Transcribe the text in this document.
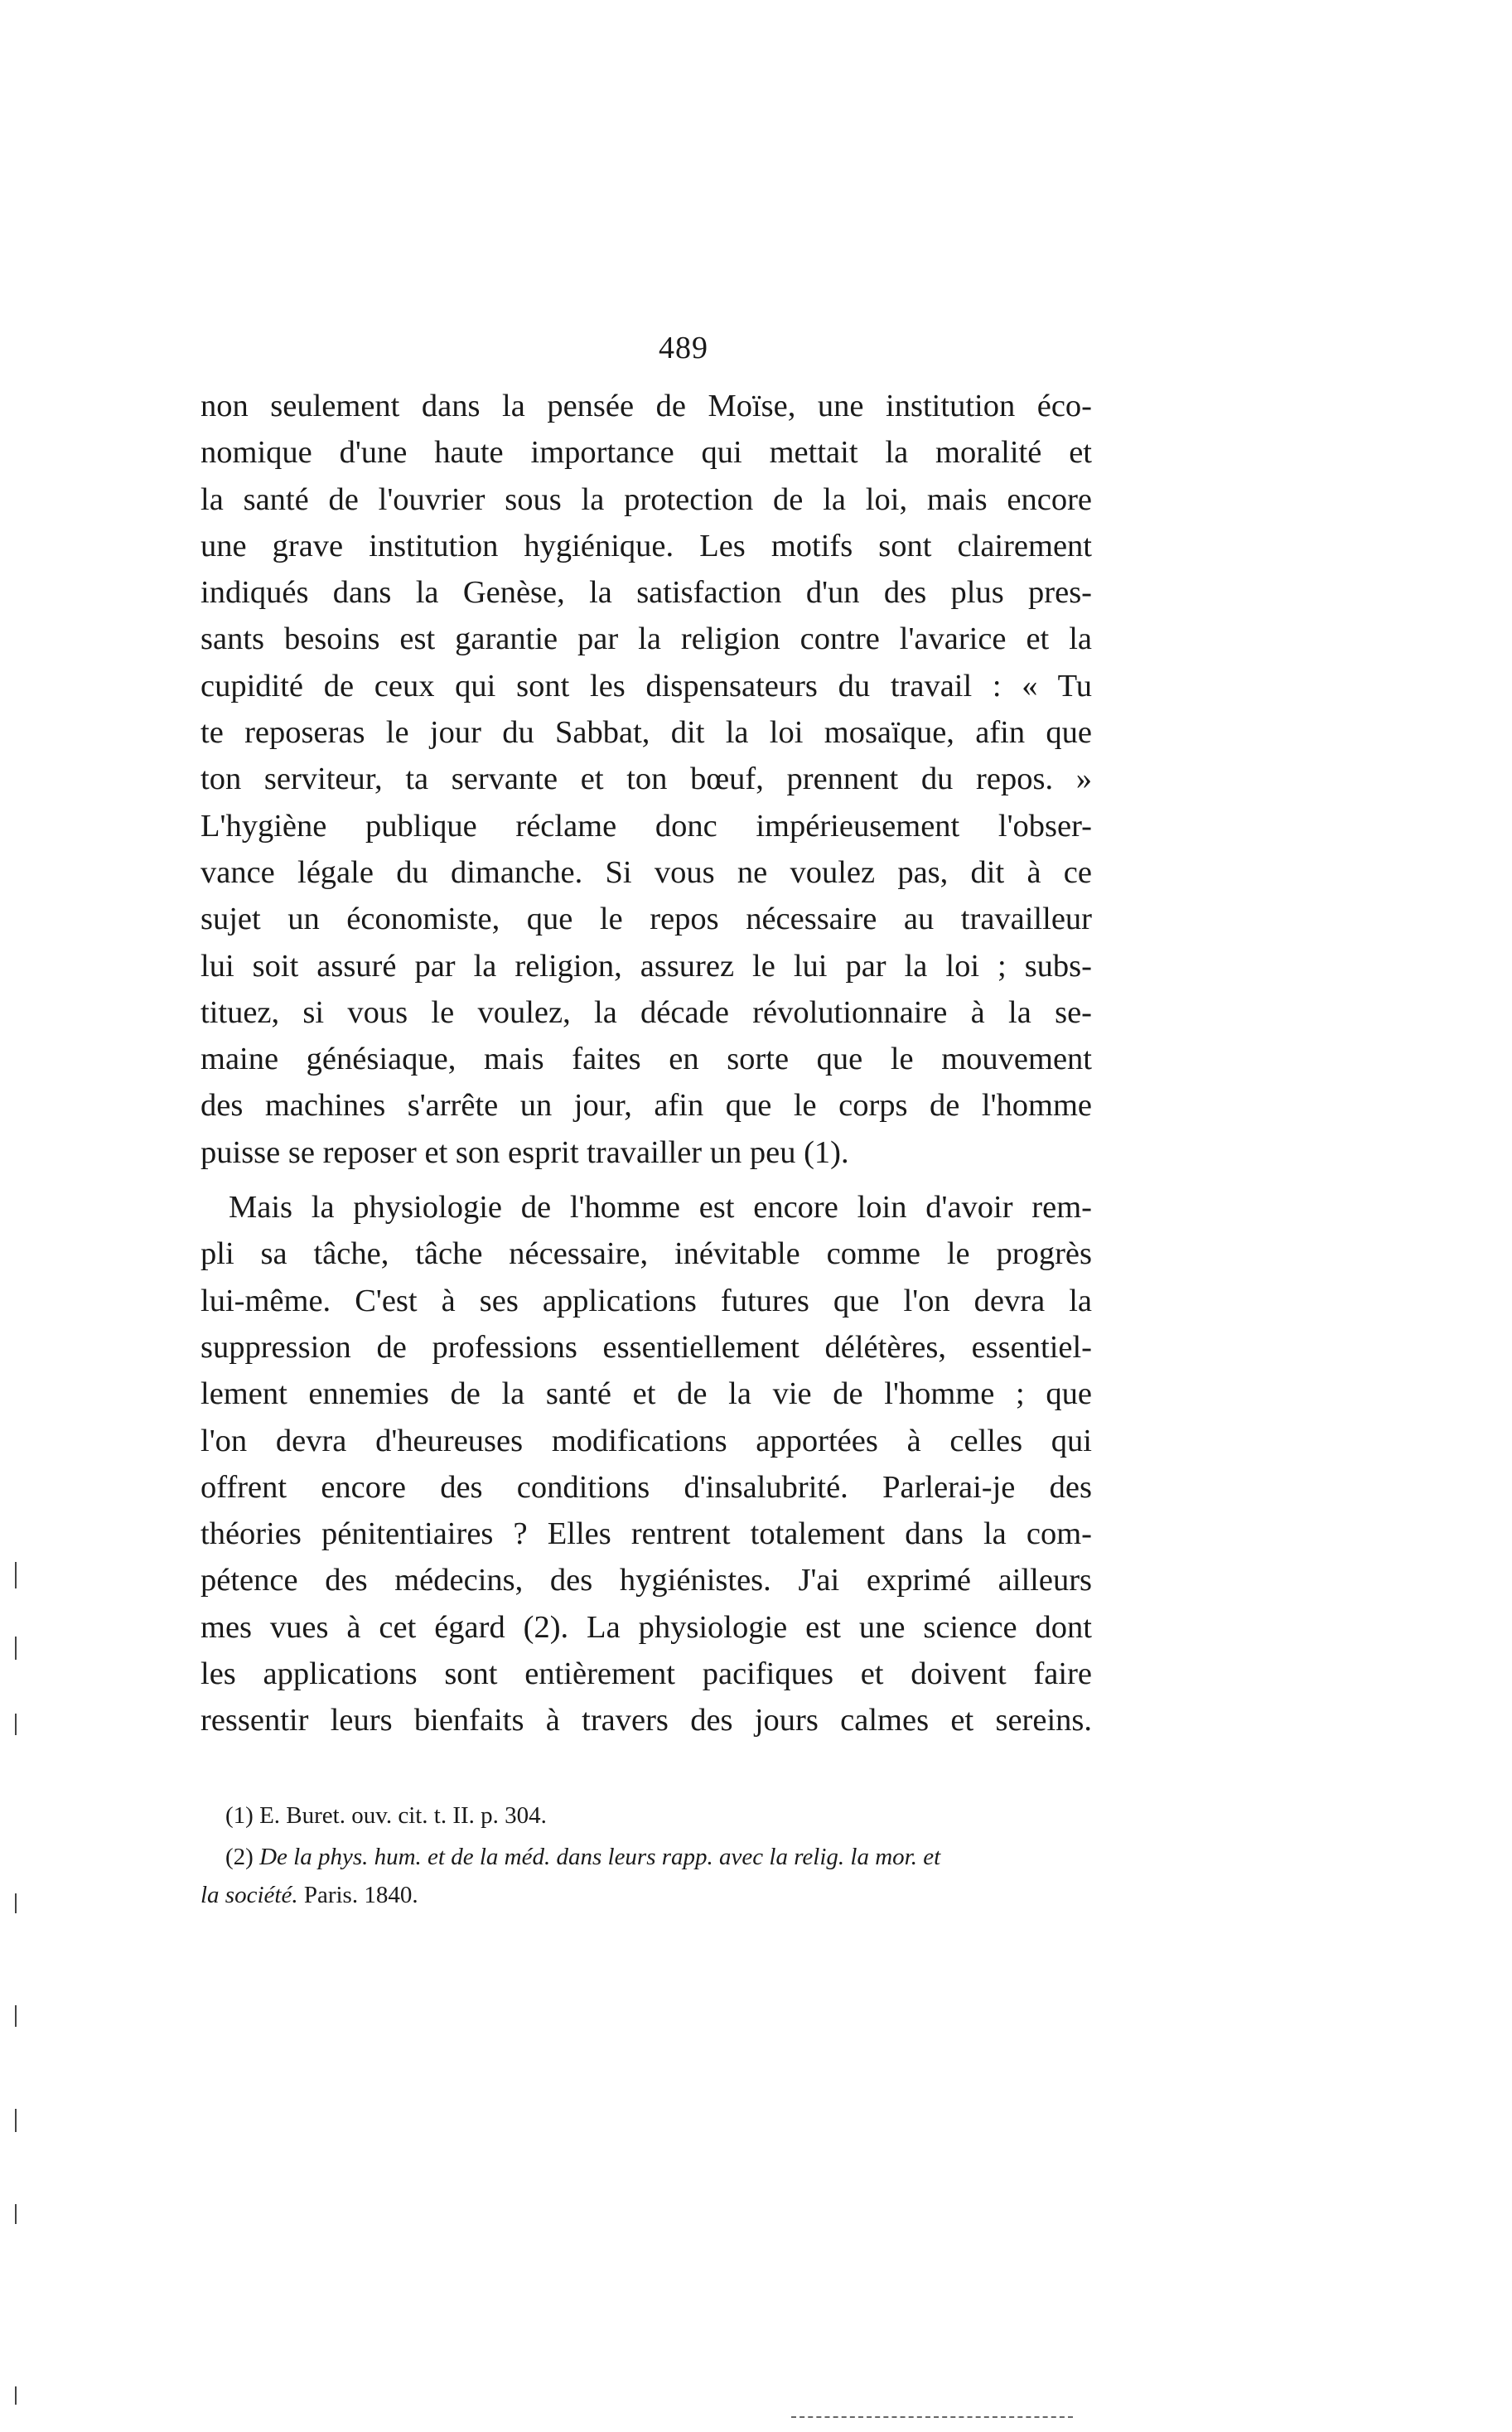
489
non seulement dans la pensée de Moïse, une institution éco-
nomique d'une haute importance qui mettait la moralité et
la santé de l'ouvrier sous la protection de la loi, mais encore
une grave institution hygiénique. Les motifs sont clairement
indiqués dans la Genèse, la satisfaction d'un des plus pres-
sants besoins est garantie par la religion contre l'avarice et la
cupidité de ceux qui sont les dispensateurs du travail : « Tu
te reposeras le jour du Sabbat, dit la loi mosaïque, afin que
ton serviteur, ta servante et ton bœuf, prennent du repos. »
L'hygiène publique réclame donc impérieusement l'obser-
vance légale du dimanche. Si vous ne voulez pas, dit à ce
sujet un économiste, que le repos nécessaire au travailleur
lui soit assuré par la religion, assurez le lui par la loi ; subs-
tituez, si vous le voulez, la décade révolutionnaire à la se-
maine génésiaque, mais faites en sorte que le mouvement
des machines s'arrête un jour, afin que le corps de l'homme
puisse se reposer et son esprit travailler un peu (1).
Mais la physiologie de l'homme est encore loin d'avoir rem-
pli sa tâche, tâche nécessaire, inévitable comme le progrès
lui-même. C'est à ses applications futures que l'on devra la
suppression de professions essentiellement délétères, essentiel-
lement ennemies de la santé et de la vie de l'homme ; que
l'on devra d'heureuses modifications apportées à celles qui
offrent encore des conditions d'insalubrité. Parlerai-je des
théories pénitentiaires ? Elles rentrent totalement dans la com-
pétence des médecins, des hygiénistes. J'ai exprimé ailleurs
mes vues à cet égard (2). La physiologie est une science dont
les applications sont entièrement pacifiques et doivent faire
ressentir leurs bienfaits à travers des jours calmes et sereins.
(1) E. Buret. ouv. cit. t. II. p. 304.
(2) De la phys. hum. et de la méd. dans leurs rapp. avec la relig. la mor. et
la société. Paris. 1840.
